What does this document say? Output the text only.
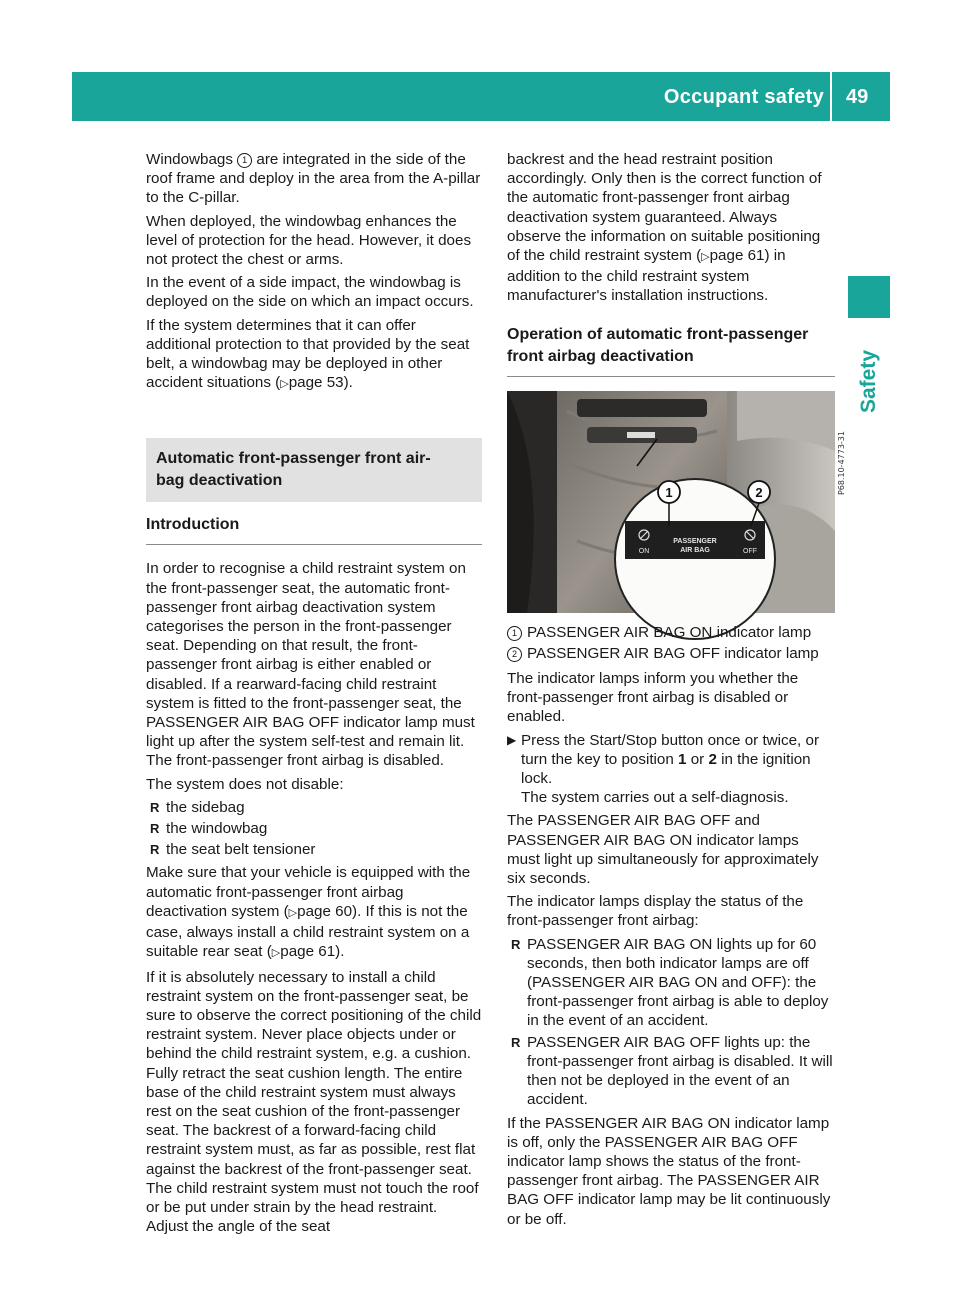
Occupant safety 49
Safety

Windowbags 1 are integrated in the side of the roof frame and deploy in the area from the A-pillar to the C-pillar.

When deployed, the windowbag enhances the level of protection for the head. However, it does not protect the chest or arms.

In the event of a side impact, the windowbag is deployed on the side on which an impact occurs.

If the system determines that it can offer additional protection to that provided by the seat belt, a windowbag may be deployed in other accident situations (▷page 53).

Automatic front-passenger front air-
bag deactivation
Introduction

In order to recognise a child restraint system on the front-passenger seat, the automatic front-passenger front airbag deactivation system categorises the person in the front-passenger seat. Depending on that result, the front-passenger front airbag is either enabled or disabled. If a rearward-facing child restraint system is fitted to the front-passenger seat, the PASSENGER AIR BAG OFF indicator lamp must light up after the system self-test and remain lit. The front-passenger front airbag is disabled.

The system does not disable:

R the sidebag
R the windowbag
R the seat belt tensioner

Make sure that your vehicle is equipped with the automatic front-passenger front airbag deactivation system (▷page 60). If this is not the case, always install a child restraint system on a suitable rear seat (▷page 61).

If it is absolutely necessary to install a child restraint system on the front-passenger seat, be sure to observe the correct positioning of the child restraint system. Never place objects under or behind the child restraint system, e.g. a cushion. Fully retract the seat cushion length. The entire base of the child restraint system must always rest on the seat cushion of the front-passenger seat. The backrest of a forward-facing child restraint system must, as far as possible, rest flat against the backrest of the front-passenger seat. The child restraint system must not touch the roof or be put under strain by the head restraint. Adjust the angle of the seat

backrest and the head restraint position accordingly. Only then is the correct function of the automatic front-passenger front airbag deactivation system guaranteed. Always observe the information on suitable positioning of the child restraint system (▷page 61) in addition to the child restraint system manufacturer's installation instructions.

Operation of automatic front-passenger front airbag deactivation
1	2
ON
PASSENGER
AIR BAG	OFF
P68.10-4773-31
1 PASSENGER AIR BAG ON indicator lamp
2 PASSENGER AIR BAG OFF indicator lamp

The indicator lamps inform you whether the front-passenger front airbag is disabled or enabled.

▶ Press the Start/Stop button once or twice, or turn the key to position 1 or 2 in the ignition lock.
The system carries out a self-diagnosis.

The PASSENGER AIR BAG OFF and PASSENGER AIR BAG ON indicator lamps must light up simultaneously for approximately six seconds.

The indicator lamps display the status of the front-passenger front airbag:

R PASSENGER AIR BAG ON lights up for 60 seconds, then both indicator lamps are off (PASSENGER AIR BAG ON and OFF): the front-passenger front airbag is able to deploy in the event of an accident.
R PASSENGER AIR BAG OFF lights up: the front-passenger front airbag is disabled. It will then not be deployed in the event of an accident.

If the PASSENGER AIR BAG ON indicator lamp is off, only the PASSENGER AIR BAG OFF indicator lamp shows the status of the front-passenger front airbag. The PASSENGER AIR BAG OFF indicator lamp may be lit continuously or be off.
